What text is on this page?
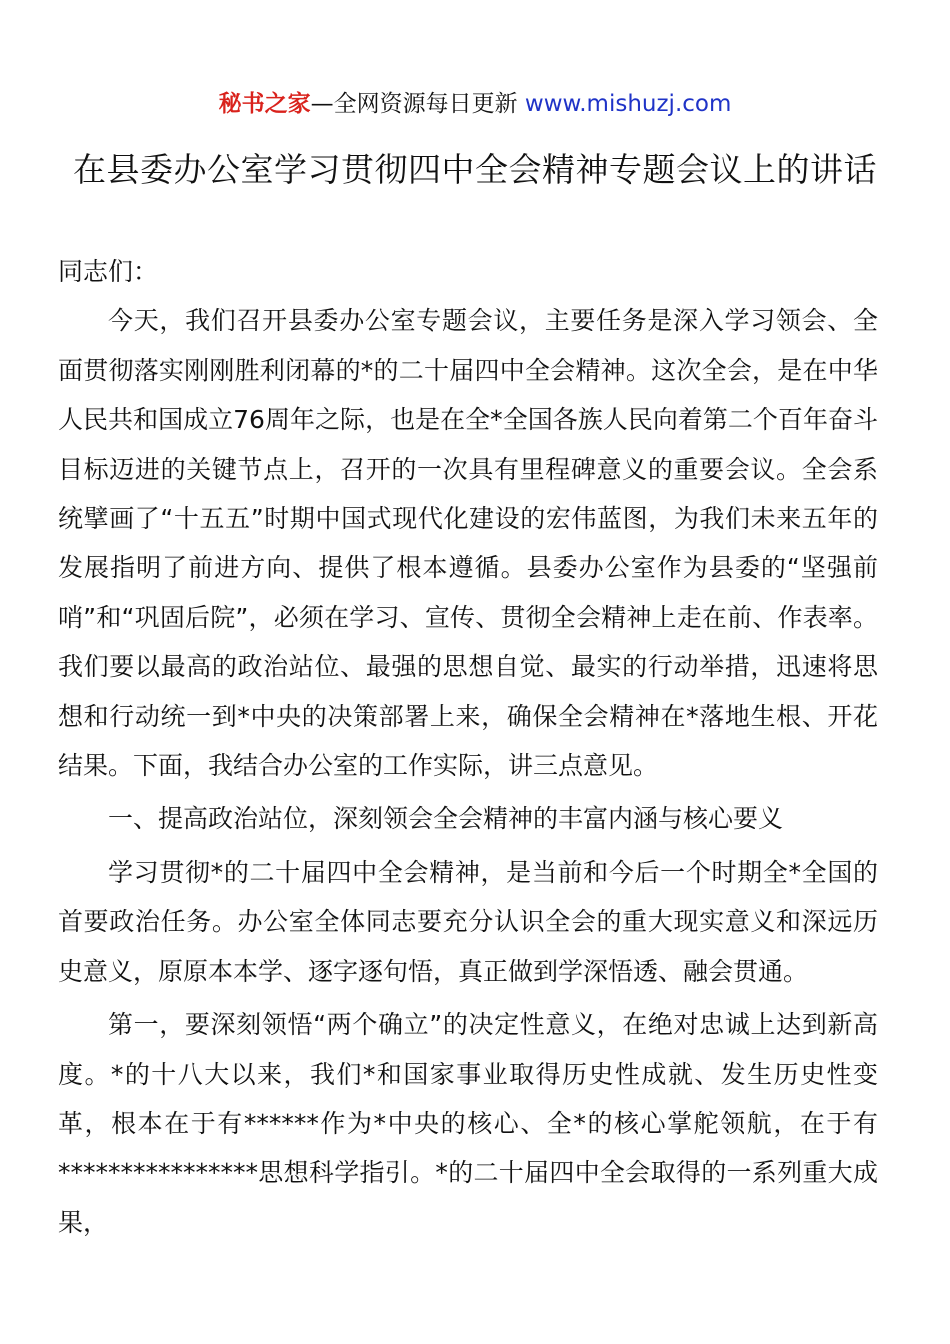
秘书之家—全网资源每日更新 www.mishuzj.com
在县委办公室学习贯彻四中全会精神专题会议上的讲话

同志们：

今天，我们召开县委办公室专题会议，主要任务是深入学习领会、全面贯彻落实刚刚胜利闭幕的*的二十届四中全会精神。这次全会，是在中华人民共和国成立76周年之际，也是在全*全国各族人民向着第二个百年奋斗目标迈进的关键节点上，召开的一次具有里程碑意义的重要会议。全会系统擘画了“十五五”时期中国式现代化建设的宏伟蓝图，为我们未来五年的发展指明了前进方向、提供了根本遵循。县委办公室作为县委的“坚强前哨”和“巩固后院”，必须在学习、宣传、贯彻全会精神上走在前、作表率。我们要以最高的政治站位、最强的思想自觉、最实的行动举措，迅速将思想和行动统一到*中央的决策部署上来，确保全会精神在*落地生根、开花结果。下面，我结合办公室的工作实际，讲三点意见。

一、提高政治站位，深刻领会全会精神的丰富内涵与核心要义

学习贯彻*的二十届四中全会精神，是当前和今后一个时期全*全国的首要政治任务。办公室全体同志要充分认识全会的重大现实意义和深远历史意义，原原本本学、逐字逐句悟，真正做到学深悟透、融会贯通。

第一，要深刻领悟“两个确立”的决定性意义，在绝对忠诚上达到新高度。*的十八大以来，我们*和国家事业取得历史性成就、发生历史性变革，根本在于有******作为*中央的核心、全*的核心掌舵领航，在于有****************思想科学指引。*的二十届四中全会取得的一系列重大成果，
